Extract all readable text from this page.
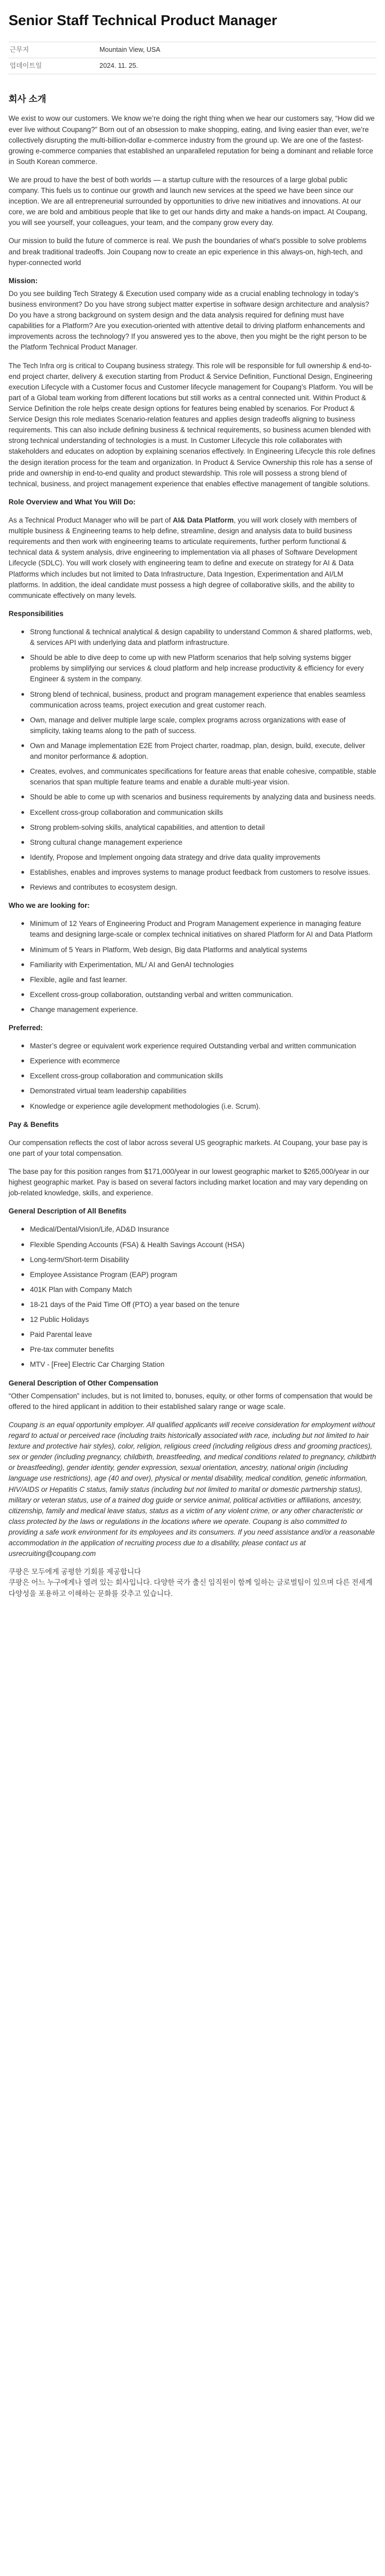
Senior Staff Technical Product Manager
근무지	Mountain View, USA
업데이트일	2024. 11. 25.
회사 소개

We exist to wow our customers. We know we’re doing the right thing when we hear our customers say, “How did we ever live without Coupang?” Born out of an obsession to make shopping, eating, and living easier than ever, we’re collectively disrupting the multi-billion-dollar e-commerce industry from the ground up. We are one of the fastest-growing e-commerce companies that established an unparalleled reputation for being a dominant and reliable force in South Korean commerce.

We are proud to have the best of both worlds — a startup culture with the resources of a large global public company. This fuels us to continue our growth and launch new services at the speed we have been since our inception. We are all entrepreneurial surrounded by opportunities to drive new initiatives and innovations. At our core, we are bold and ambitious people that like to get our hands dirty and make a hands-on impact. At Coupang, you will see yourself, your colleagues, your team, and the company grow every day.

Our mission to build the future of commerce is real. We push the boundaries of what’s possible to solve problems and break traditional tradeoffs. Join Coupang now to create an epic experience in this always-on, high-tech, and hyper-connected world

Mission:

Do you see building Tech Strategy & Execution used company wide as a crucial enabling technology in today’s business environment? Do you have strong subject matter expertise in software design architecture and analysis? Do you have a strong background on system design and the data analysis required for defining must have capabilities for a Platform? Are you execution-oriented with attentive detail to driving platform enhancements and improvements across the technology? If you answered yes to the above, then you might be the right person to be the Platform Technical Product Manager.

The Tech Infra org is critical to Coupang business strategy. This role will be responsible for full ownership & end-to-end project charter, delivery & execution starting from Product & Service Definition, Functional Design, Engineering execution Lifecycle with a Customer focus and Customer lifecycle management for Coupang’s Platform. You will be part of a Global team working from different locations but still works as a central connected unit. Within Product & Service Definition the role helps create design options for features being enabled by scenarios. For Product & Service Design this role mediates Scenario-relation features and applies design tradeoffs aligning to business requirements. This can also include defining business & technical requirements, so business acumen blended with strong technical understanding of technologies is a must. In Customer Lifecycle this role collaborates with stakeholders and educates on adoption by explaining scenarios effectively. In Engineering Lifecycle this role defines the design iteration process for the team and organization. In Product & Service Ownership this role has a sense of pride and ownership in end-to-end quality and product stewardship. This role will possess a strong blend of technical, business, and project management experience that enables effective management of tangible solutions.

Role Overview and What You Will Do:

As a Technical Product Manager who will be part of AI& Data Platform, you will work closely with members of multiple business & Engineering teams to help define, streamline, design and analysis data to build business requirements and then work with engineering teams to articulate requirements, further perform functional & technical data & system analysis, drive engineering to implementation via all phases of Software Development Lifecycle (SDLC). You will work closely with engineering team to define and execute on strategy for AI & Data Platforms which includes but not limited to Data Infrastructure, Data Ingestion, Experimentation and AI/LM platforms. In addition, the ideal candidate must possess a high degree of collaborative skills, and the ability to communicate effectively on many levels.

Responsibilities

Strong functional & technical analytical & design capability to understand Common & shared platforms, web, & services API with underlying data and platform infrastructure.
Should be able to dive deep to come up with new Platform scenarios that help solving systems bigger problems by simplifying our services & cloud platform and help increase productivity & efficiency for every Engineer & system in the company.
Strong blend of technical, business, product and program management experience that enables seamless communication across teams, project execution and great customer reach.
Own, manage and deliver multiple large scale, complex programs across organizations with ease of simplicity, taking teams along to the path of success.
Own and Manage implementation E2E from Project charter, roadmap, plan, design, build, execute, deliver and monitor performance & adoption.
Creates, evolves, and communicates specifications for feature areas that enable cohesive, compatible, stable scenarios that span multiple feature teams and enable a durable multi-year vision.
Should be able to come up with scenarios and business requirements by analyzing data and business needs.
Excellent cross-group collaboration and communication skills
Strong problem-solving skills, analytical capabilities, and attention to detail
Strong cultural change management experience
Identify, Propose and Implement ongoing data strategy and drive data quality improvements
Establishes, enables and improves systems to manage product feedback from customers to resolve issues.
Reviews and contributes to ecosystem design.

Who we are looking for:

Minimum of 12 Years of Engineering Product and Program Management experience in managing feature teams and designing large-scale or complex technical initiatives on shared Platform for AI and Data Platform
Minimum of 5 Years in Platform, Web design, Big data Platforms and analytical systems
Familiarity with Experimentation, ML/ AI and GenAI technologies
Flexible, agile and fast learner.
Excellent cross-group collaboration, outstanding verbal and written communication.
Change management experience.

Preferred:

Master’s degree or equivalent work experience required Outstanding verbal and written communication
Experience with ecommerce
Excellent cross-group collaboration and communication skills
Demonstrated virtual team leadership capabilities
Knowledge or experience agile development methodologies (i.e. Scrum).

Pay & Benefits

Our compensation reflects the cost of labor across several US geographic markets. At Coupang, your base pay is one part of your total compensation.

The base pay for this position ranges from $171,000/year in our lowest geographic market to $265,000/year in our highest geographic market. Pay is based on several factors including market location and may vary depending on job-related knowledge, skills, and experience.

General Description of All Benefits

Medical/Dental/Vision/Life, AD&D Insurance
Flexible Spending Accounts (FSA) & Health Savings Account (HSA)
Long-term/Short-term Disability
Employee Assistance Program (EAP) program
401K Plan with Company Match
18-21 days of the Paid Time Off (PTO) a year based on the tenure
12 Public Holidays
Paid Parental leave
Pre-tax commuter benefits
MTV - [Free] Electric Car Charging Station

General Description of Other Compensation

“Other Compensation” includes, but is not limited to, bonuses, equity, or other forms of compensation that would be offered to the hired applicant in addition to their established salary range or wage scale.

Coupang is an equal opportunity employer. All qualified applicants will receive consideration for employment without regard to actual or perceived race (including traits historically associated with race, including but not limited to hair texture and protective hair styles), color, religion, religious creed (including religious dress and grooming practices), sex or gender (including pregnancy, childbirth, breastfeeding, and medical conditions related to pregnancy, childbirth or breastfeeding), gender identity, gender expression, sexual orientation, ancestry, national origin (including language use restrictions), age (40 and over), physical or mental disability, medical condition, genetic information, HIV/AIDS or Hepatitis C status, family status (including but not limited to marital or domestic partnership status), military or veteran status, use of a trained dog guide or service animal, political activities or affiliations, ancestry, citizenship, family and medical leave status, status as a victim of any violent crime, or any other characteristic or class protected by the laws or regulations in the locations where we operate. Coupang is also committed to providing a safe work environment for its employees and its consumers. If you need assistance and/or a reasonable accommodation in the application of recruiting process due to a disability, please contact us at usrecruiting@coupang.com

쿠팡은 모두에게 공평한 기회를 제공합니다

쿠팡은 어느 누구에게나 열려 있는 회사입니다. 다양한 국가 출신 임직원이 함께 일하는 글로벌팀이 있으며 다른 전세계 다양성을 포용하고 이해하는 문화를 갖추고 있습니다.
